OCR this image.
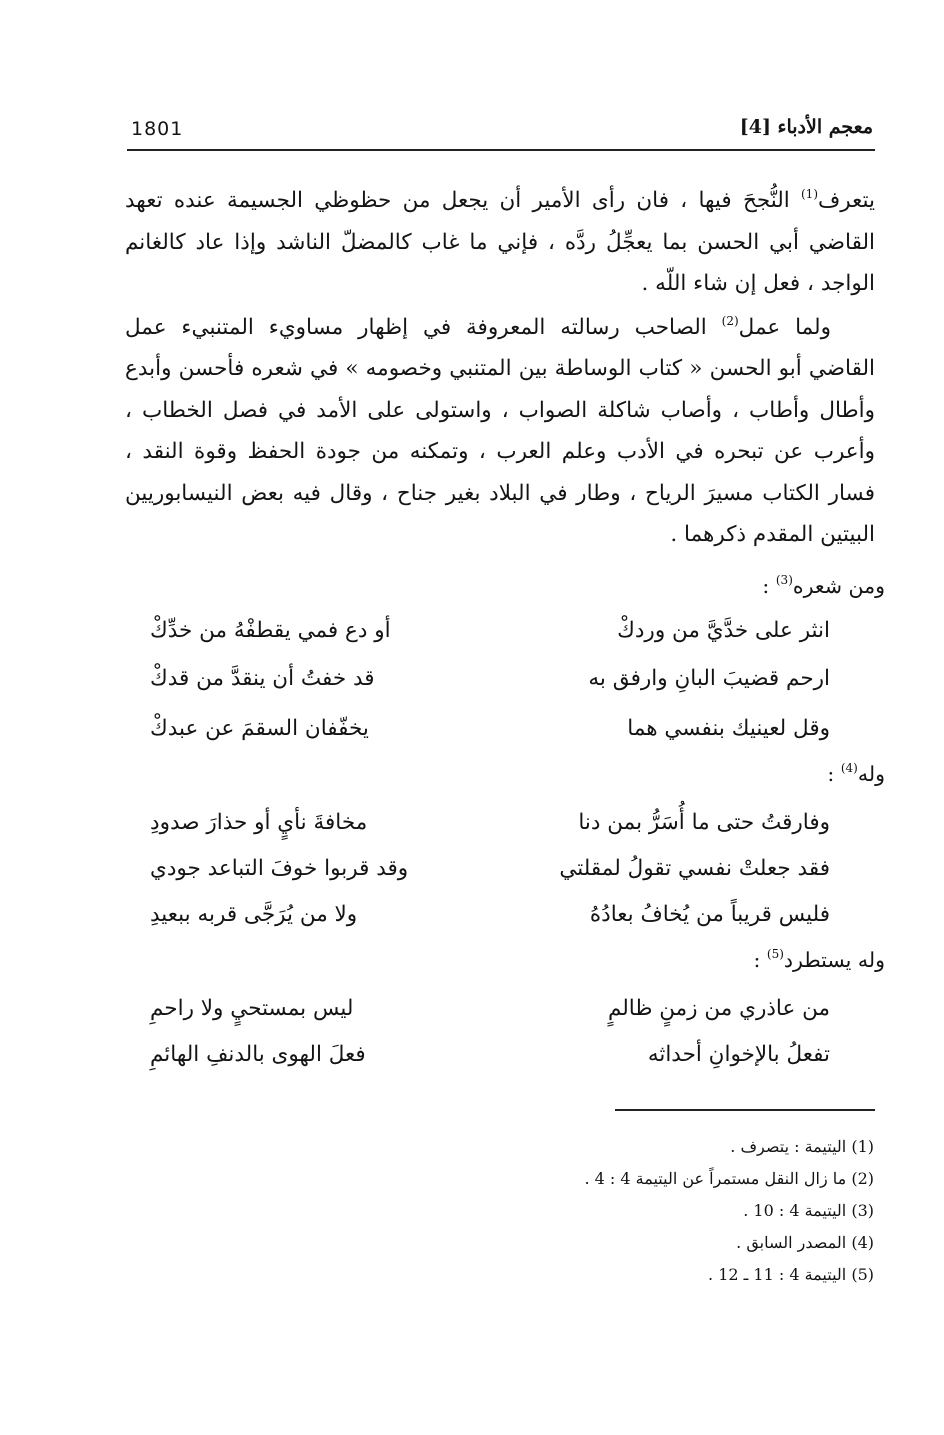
1801	معجم الأدباء [4]

يتعرف$^{(1)}$ النُّجحَ فيها ، فان رأى الأمير أن يجعل من حظوظي الجسيمة عنده تعهد القاضي أبي الحسن بما يعجِّلُ ردَّه ، فإني ما غاب كالمضلّ الناشد وإذا عاد كالغانم الواجد ، فعل إن شاء اللّه .

ولما عمل$^{(2)}$ الصاحب رسالته المعروفة في إظهار مساويء المتنبيء عمل القاضي أبو الحسن « كتاب الوساطة بين المتنبي وخصومه » في شعره فأحسن وأبدع وأطال وأطاب ، وأصاب شاكلة الصواب ، واستولى على الأمد في فصل الخطاب ، وأعرب عن تبحره في الأدب وعلم العرب ، وتمكنه من جودة الحفظ وقوة النقد ، فسار الكتاب مسيرَ الرياح ، وطار في البلاد بغير جناح ، وقال فيه بعض النيسابوريين البيتين المقدم ذكرهما .

ومن شعره$^{(3)}$ :
انثر على خدَّيَّ من وردكْ
أو دع فمي يقطفْهُ من خدِّكْ
ارحم قضيبَ البانِ وارفق به
قد خفتُ أن ينقدَّ من قدكْ
وقل لعينيك بنفسي هما
يخفّفان السقمَ عن عبدكْ
وله$^{(4)}$ :
وفارقتُ حتى ما أُسَرُّ بمن دنا
مخافةَ نأيٍ أو حذارَ صدودِ
فقد جعلتْ نفسي تقولُ لمقلتي
وقد قربوا خوفَ التباعد جودي
فليس قريباً من يُخافُ بعادُهُ
ولا من يُرَجَّى قربه ببعيدِ
وله يستطرد$^{(5)}$ :
من عاذري من زمنٍ ظالمٍ
ليس بمستحيٍ ولا راحمِ
تفعلُ بالإخوانِ أحداثه
فعلَ الهوى بالدنفِ الهائمِ
(1) اليتيمة : يتصرف .
(2) ما زال النقل مستمراً عن اليتيمة 4 : 4 .
(3) اليتيمة 4 : 10 .
(4) المصدر السابق .
(5) اليتيمة 4 : 11 ـ 12 .
